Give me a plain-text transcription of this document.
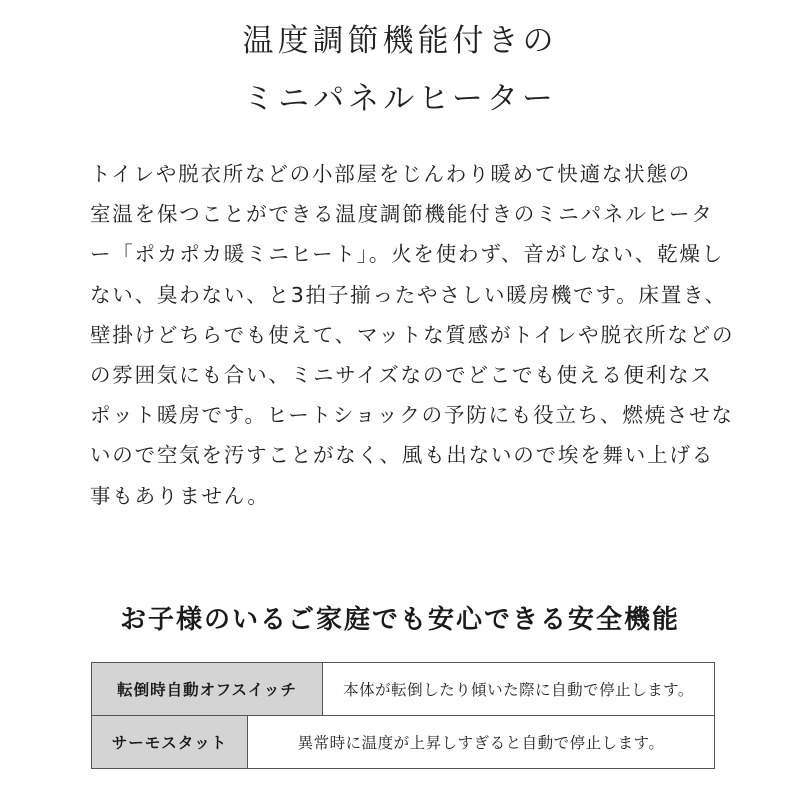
温度調節機能付きの
ミニパネルヒーター
トイレや脱衣所などの小部屋をじんわり暖めて快適な状態の
室温を保つことができる温度調節機能付きのミニパネルヒータ
ー「ポカポカ暖ミニヒート」。火を使わず、音がしない、乾燥し
ない、臭わない、と3拍子揃ったやさしい暖房機です。床置き、
壁掛けどちらでも使えて、マットな質感がトイレや脱衣所などの
の雰囲気にも合い、ミニサイズなのでどこでも使える便利なス
ポット暖房です。ヒートショックの予防にも役立ち、燃焼させな
いので空気を汚すことがなく、風も出ないので埃を舞い上げる
事もありません。
お子様のいるご家庭でも安心できる安全機能
転倒時自動オフスイッチ	本体が転倒したり傾いた際に自動で停止します。
サーモスタット	異常時に温度が上昇しすぎると自動で停止します。
